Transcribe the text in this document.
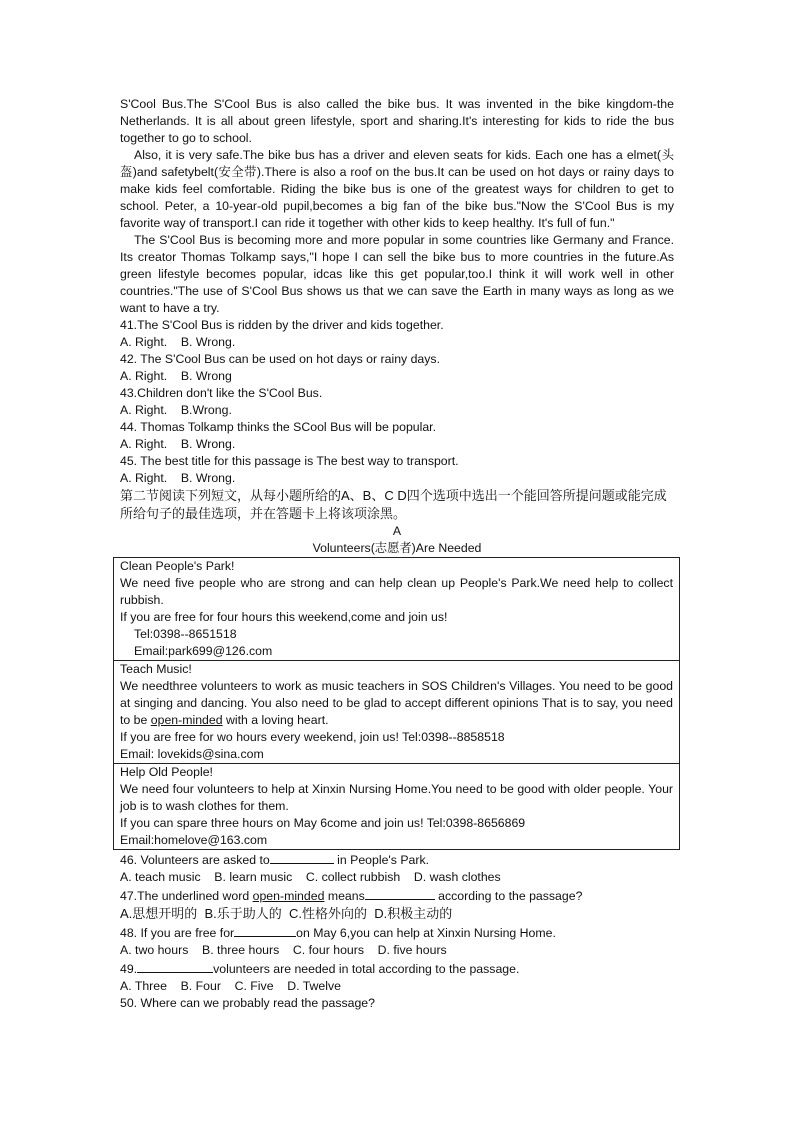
S'Cool Bus.The S'Cool Bus is also called the bike bus. It was invented in the bike kingdom-the Netherlands. It is all about green lifestyle, sport and sharing.It's interesting for kids to ride the bus together to go to school.

Also, it is very safe.The bike bus has a driver and eleven seats for kids. Each one has a elmet(头盔)and safetybelt(安全带).There is also a roof on the bus.It can be used on hot days or rainy days to make kids feel comfortable. Riding the bike bus is one of the greatest ways for children to get to school. Peter, a 10-year-old pupil,becomes a big fan of the bike bus."Now the S'Cool Bus is my favorite way of transport.I can ride it together with other kids to keep healthy. It's full of fun."

The S'Cool Bus is becoming more and more popular in some countries like Germany and France. Its creator Thomas Tolkamp says,"I hope I can sell the bike bus to more countries in the future.As green lifestyle becomes popular, idcas like this get popular,too.I think it will work well in other countries."The use of S'Cool Bus shows us that we can save the Earth in many ways as long as we want to have a try.

41.The S'Cool Bus is ridden by the driver and kids together.

A. Right.    B. Wrong.

42. The S'Cool Bus can be used on hot days or rainy days.

A. Right.    B. Wrong

43.Children don't like the S'Cool Bus.

A. Right.    B.Wrong.

44. Thomas Tolkamp thinks the SCool Bus will be popular.

A. Right.    B. Wrong.

45. The best title for this passage is The best way to transport.

A. Right.    B. Wrong.

第二节阅读下列短文，从每小题所给的A、B、C D四个选项中选出一个能回答所提问题或能完成所给句子的最佳选项，并在答题卡上将该项涂黑。

A

Volunteers(志愿者)Are Needed

Clean People's Park!

We need five people who are strong and can help clean up People's Park.We need help to collect rubbish.

If you are free for four hours this weekend,come and join us!

Tel:0398--8651518

Email:park699@126.com

Teach Music!

We needthree volunteers to work as music teachers in SOS Children's Villages. You need to be good at singing and dancing. You also need to be glad to accept different opinions That is to say, you need to be open-minded with a loving heart.

If you are free for wo hours every weekend, join us! Tel:0398--8858518

Email: lovekids@sina.com

Help Old People!

We need four volunteers to help at Xinxin Nursing Home.You need to be good with older people. Your job is to wash clothes for them.

If you can spare three hours on May 6come and join us! Tel:0398-8656869

Email:homelove@163.com

46. Volunteers are asked to	in People's Park.

A. teach music    B. learn music    C. collect rubbish    D. wash clothes

47.The underlined word open-minded means	according to the passage?

A.思想开明的  B.乐于助人的  C.性格外向的  D.积极主动的

48. If you are free for	on May 6,you can help at Xinxin Nursing Home.

A. two hours    B. three hours    C. four hours    D. five hours

49.	volunteers are needed in total according to the passage.

A. Three    B. Four    C. Five    D. Twelve

50. Where can we probably read the passage?
